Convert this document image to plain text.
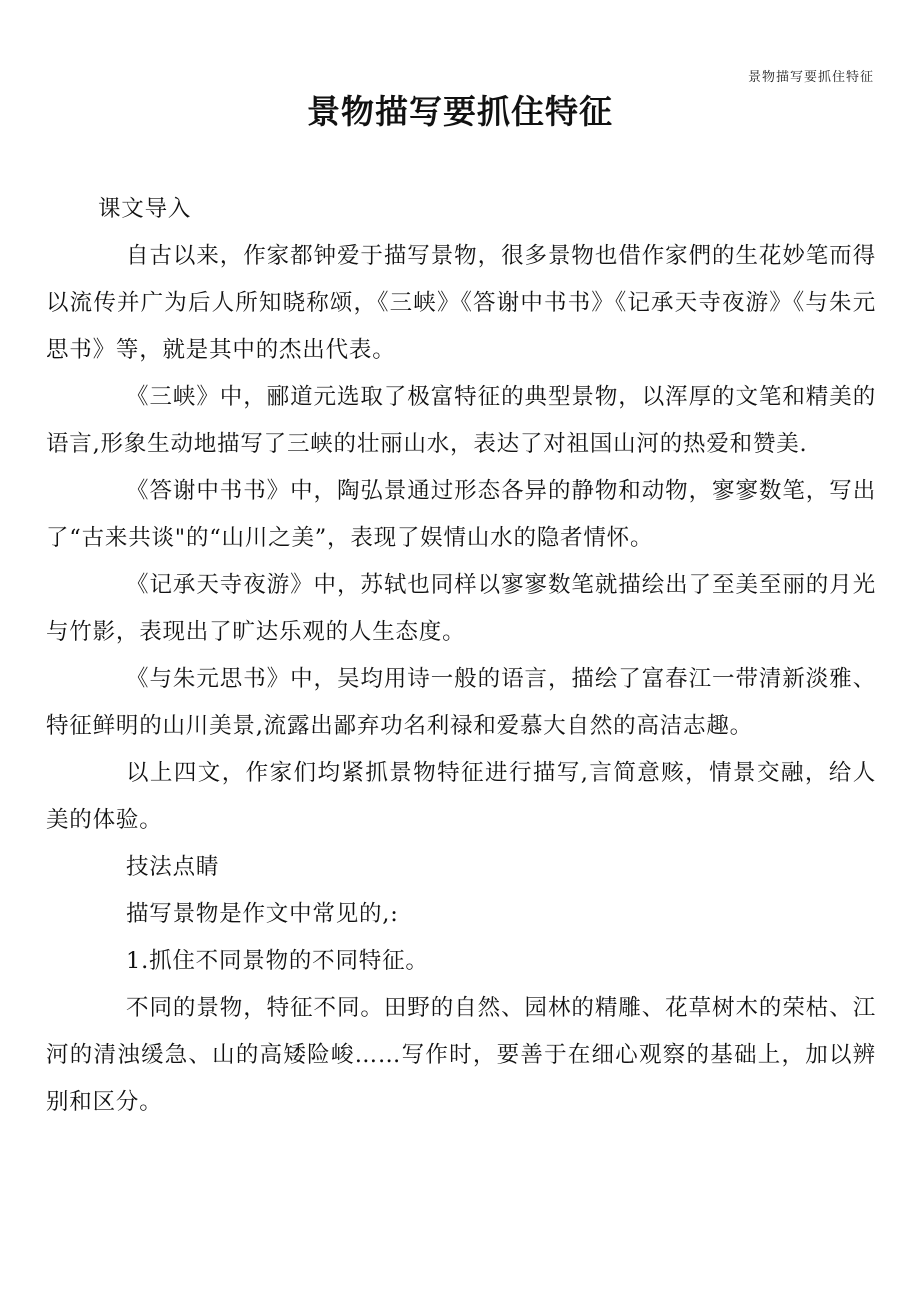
景物描写要抓住特征
景物描写要抓住特征

课文导入

自古以来，作家都钟爱于描写景物，很多景物也借作家們的生花妙笔而得以流传并广为后人所知晓称颂，《三峡》《答谢中书书》《记承天寺夜游》《与朱元思书》等，就是其中的杰出代表。

《三峡》中，郦道元选取了极富特征的典型景物，以浑厚的文笔和精美的语言,形象生动地描写了三峡的壮丽山水，表达了对祖国山河的热爱和赞美.

《答谢中书书》中，陶弘景通过形态各异的静物和动物，寥寥数笔，写出了“古来共谈"的“山川之美”，表现了娱情山水的隐者情怀。

《记承天寺夜游》中，苏轼也同样以寥寥数笔就描绘出了至美至丽的月光与竹影，表现出了旷达乐观的人生态度。

《与朱元思书》中，吴均用诗一般的语言，描绘了富春江一带清新淡雅、特征鲜明的山川美景,流露出鄙弃功名利禄和爱慕大自然的高洁志趣。

以上四文，作家们均紧抓景物特征进行描写,言简意赅，情景交融，给人美的体验。

技法点睛

描写景物是作文中常见的,:

1.抓住不同景物的不同特征。

不同的景物，特征不同。田野的自然、园林的精雕、花草树木的荣枯、江河的清浊缓急、山的高矮险峻……写作时，要善于在细心观察的基础上，加以辨别和区分。
